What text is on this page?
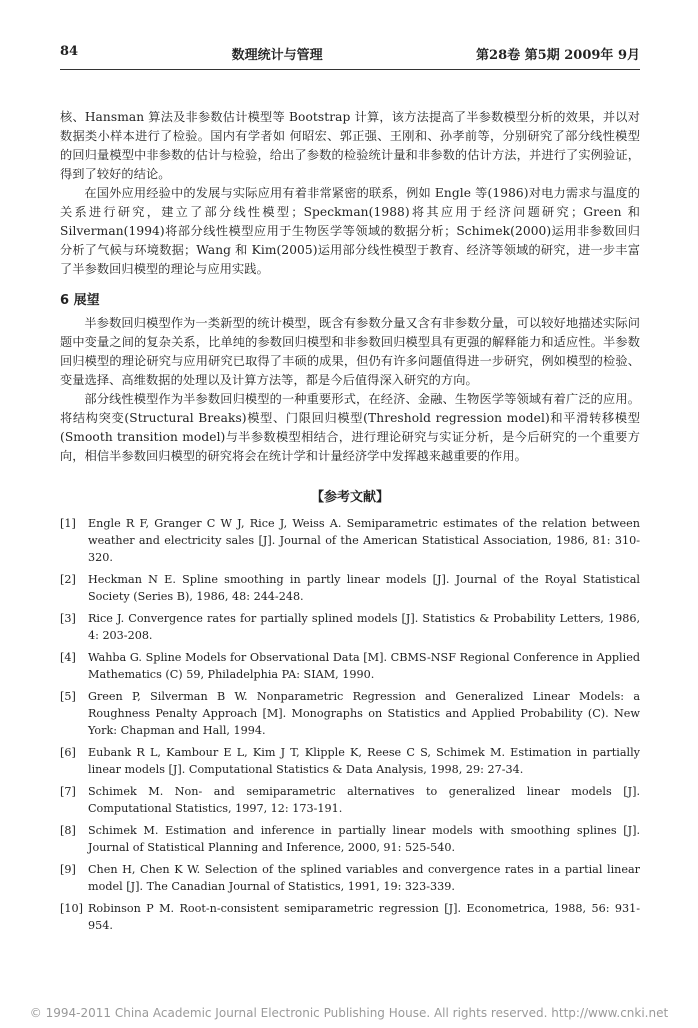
84	数理统计与管理	第28卷 第5期 2009年 9月

核、Hansman 算法及非参数估计模型等 Bootstrap 计算，该方法提高了半参数模型分析的效果，并以对数据类小样本进行了检验。国内有学者如 何昭宏、郭正强、王刚和、孙孝前等，分别研究了部分线性模型的回归量模型中非参数的估计与检验，给出了参数的检验统计量和非参数的估计方法，并进行了实例验证，得到了较好的结论。

在国外应用经验中的发展与实际应用有着非常紧密的联系，例如 Engle 等(1986)对电力需求与温度的关系进行研究，建立了部分线性模型；Speckman(1988)将其应用于经济问题研究；Green 和 Silverman(1994)将部分线性模型应用于生物医学等领域的数据分析；Schimek(2000)运用非参数回归分析了气候与环境数据；Wang 和 Kim(2005)运用部分线性模型于教育、经济等领域的研究，进一步丰富了半参数回归模型的理论与应用实践。

6 展望

半参数回归模型作为一类新型的统计模型，既含有参数分量又含有非参数分量，可以较好地描述实际问题中变量之间的复杂关系，比单纯的参数回归模型和非参数回归模型具有更强的解释能力和适应性。半参数回归模型的理论研究与应用研究已取得了丰硕的成果，但仍有许多问题值得进一步研究，例如模型的检验、变量选择、高维数据的处理以及计算方法等，都是今后值得深入研究的方向。

部分线性模型作为半参数回归模型的一种重要形式，在经济、金融、生物医学等领域有着广泛的应用。将结构突变(Structural Breaks)模型、门限回归模型(Threshold regression model)和平滑转移模型(Smooth transition model)与半参数模型相结合，进行理论研究与实证分析，是今后研究的一个重要方向，相信半参数回归模型的研究将会在统计学和计量经济学中发挥越来越重要的作用。

【参考文献】
[1]	Engle R F, Granger C W J, Rice J, Weiss A. Semiparametric estimates of the relation between weather and electricity sales [J]. Journal of the American Statistical Association, 1986, 81: 310-320.
[2]	Heckman N E. Spline smoothing in partly linear models [J]. Journal of the Royal Statistical Society (Series B), 1986, 48: 244-248.
[3]	Rice J. Convergence rates for partially splined models [J]. Statistics & Probability Letters, 1986, 4: 203-208.
[4]	Wahba G. Spline Models for Observational Data [M]. CBMS-NSF Regional Conference in Applied Mathematics (C) 59, Philadelphia PA: SIAM, 1990.
[5]	Green P, Silverman B W. Nonparametric Regression and Generalized Linear Models: a Roughness Penalty Approach [M]. Monographs on Statistics and Applied Probability (C). New York: Chapman and Hall, 1994.
[6]	Eubank R L, Kambour E L, Kim J T, Klipple K, Reese C S, Schimek M. Estimation in partially linear models [J]. Computational Statistics & Data Analysis, 1998, 29: 27-34.
[7]	Schimek M. Non- and semiparametric alternatives to generalized linear models [J]. Computational Statistics, 1997, 12: 173-191.
[8]	Schimek M. Estimation and inference in partially linear models with smoothing splines [J]. Journal of Statistical Planning and Inference, 2000, 91: 525-540.
[9]	Chen H, Chen K W. Selection of the splined variables and convergence rates in a partial linear model [J]. The Canadian Journal of Statistics, 1991, 19: 323-339.
[10] Robinson P M. Root-n-consistent semiparametric regression [J]. Econometrica, 1988, 56: 931-954.
© 1994-2011 China Academic Journal Electronic Publishing House. All rights reserved. http://www.cnki.net
